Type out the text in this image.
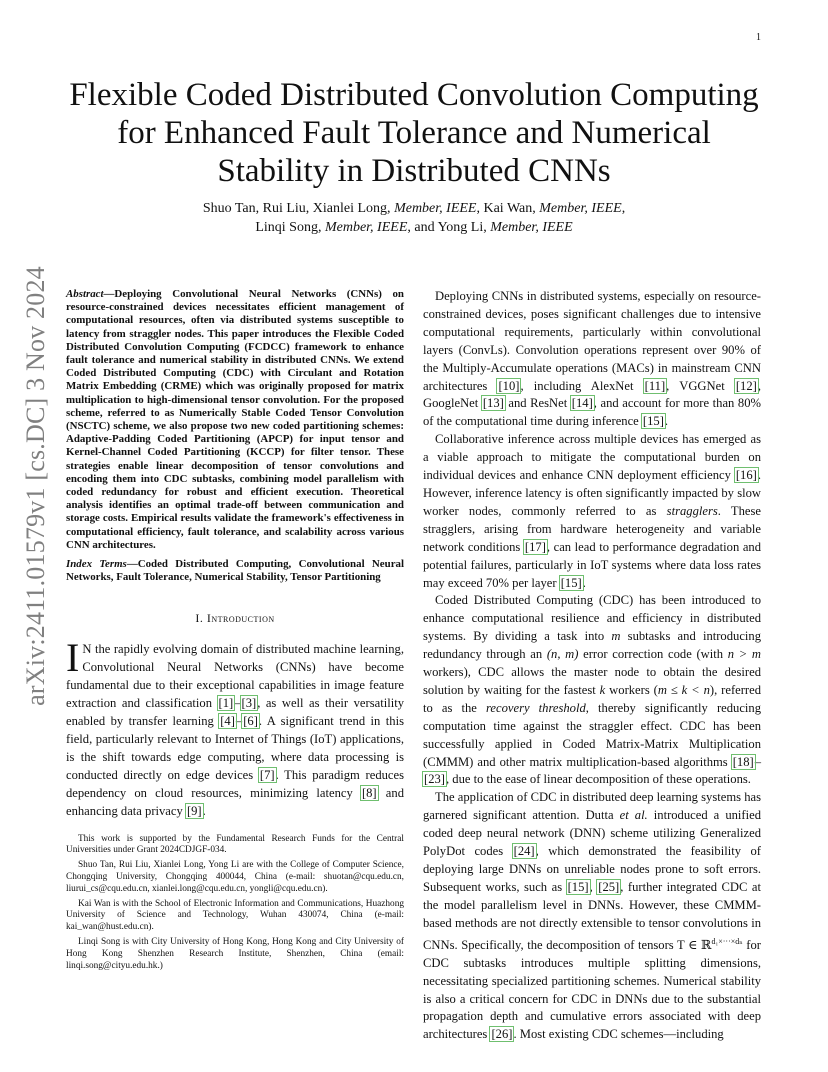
1
arXiv:2411.01579v1 [cs.DC] 3 Nov 2024
Flexible Coded Distributed Convolution Computing
for Enhanced Fault Tolerance and Numerical
Stability in Distributed CNNs
Shuo Tan, Rui Liu, Xianlei Long, Member, IEEE, Kai Wan, Member, IEEE,
Linqi Song, Member, IEEE, and Yong Li, Member, IEEE

Abstract—Deploying Convolutional Neural Networks (CNNs) on resource-constrained devices necessitates efficient management of computational resources, often via distributed systems susceptible to latency from straggler nodes. This paper introduces the Flexible Coded Distributed Convolution Computing (FCDCC) framework to enhance fault tolerance and numerical stability in distributed CNNs. We extend Coded Distributed Computing (CDC) with Circulant and Rotation Matrix Embedding (CRME) which was originally proposed for matrix multiplication to high-dimensional tensor convolution. For the proposed scheme, referred to as Numerically Stable Coded Tensor Convolution (NSCTC) scheme, we also propose two new coded partitioning schemes: Adaptive-Padding Coded Partitioning (APCP) for input tensor and Kernel-Channel Coded Partitioning (KCCP) for filter tensor. These strategies enable linear decomposition of tensor convolutions and encoding them into CDC subtasks, combining model parallelism with coded redundancy for robust and efficient execution. Theoretical analysis identifies an optimal trade-off between communication and storage costs. Empirical results validate the framework's effectiveness in computational efficiency, fault tolerance, and scalability across various CNN architectures.

Index Terms—Coded Distributed Computing, Convolutional Neural Networks, Fault Tolerance, Numerical Stability, Tensor Partitioning

I. Introduction

I N the rapidly evolving domain of distributed machine learning, Convolutional Neural Networks (CNNs) have become fundamental due to their exceptional capabilities in image feature extraction and classification [1]–[3], as well as their versatility enabled by transfer learning [4]–[6]. A significant trend in this field, particularly relevant to Internet of Things (IoT) applications, is the shift towards edge computing, where data processing is conducted directly on edge devices [7]. This paradigm reduces dependency on cloud resources, minimizing latency [8] and enhancing data privacy [9].

This work is supported by the Fundamental Research Funds for the Central Universities under Grant 2024CDJGF-034.

Shuo Tan, Rui Liu, Xianlei Long, Yong Li are with the College of Computer Science, Chongqing University, Chongqing 400044, China (e-mail: shuotan@cqu.edu.cn, liurui_cs@cqu.edu.cn, xianlei.long@cqu.edu.cn, yongli@cqu.edu.cn).

Kai Wan is with the School of Electronic Information and Communications, Huazhong University of Science and Technology, Wuhan 430074, China (e-mail: kai_wan@hust.edu.cn).

Linqi Song is with City University of Hong Kong, Hong Kong and City University of Hong Kong Shenzhen Research Institute, Shenzhen, China (email: linqi.song@cityu.edu.hk.)

Deploying CNNs in distributed systems, especially on resource-constrained devices, poses significant challenges due to intensive computational requirements, particularly within convolutional layers (ConvLs). Convolution operations represent over 90% of the Multiply-Accumulate operations (MACs) in mainstream CNN architectures [10], including AlexNet [11], VGGNet [12], GoogleNet [13] and ResNet [14], and account for more than 80% of the computational time during inference [15].

Collaborative inference across multiple devices has emerged as a viable approach to mitigate the computational burden on individual devices and enhance CNN deployment efficiency [16]. However, inference latency is often significantly impacted by slow worker nodes, commonly referred to as stragglers. These stragglers, arising from hardware heterogeneity and variable network conditions [17], can lead to performance degradation and potential failures, particularly in IoT systems where data loss rates may exceed 70% per layer [15].

Coded Distributed Computing (CDC) has been introduced to enhance computational resilience and efficiency in distributed systems. By dividing a task into m subtasks and introducing redundancy through an (n, m) error correction code (with n > m workers), CDC allows the master node to obtain the desired solution by waiting for the fastest k workers (m ≤ k < n), referred to as the recovery threshold, thereby significantly reducing computation time against the straggler effect. CDC has been successfully applied in Coded Matrix-Matrix Multiplication (CMMM) and other matrix multiplication-based algorithms [18]–[23], due to the ease of linear decomposition of these operations.

The application of CDC in distributed deep learning systems has garnered significant attention. Dutta et al. introduced a unified coded deep neural network (DNN) scheme utilizing Generalized PolyDot codes [24], which demonstrated the feasibility of deploying large DNNs on unreliable nodes prone to soft errors. Subsequent works, such as [15], [25], further integrated CDC at the model parallelism level in DNNs. However, these CMMM-based methods are not directly extensible to tensor convolutions in CNNs. Specifically, the decomposition of tensors T ∈ ℝ$^{d_1\times\cdot\cdot\cdot\times d_n}$ for CDC subtasks introduces multiple splitting dimensions, necessitating specialized partitioning schemes. Numerical stability is also a critical concern for CDC in DNNs due to the substantial propagation depth and cumulative errors associated with deep architectures [26]. Most existing CDC schemes—including
